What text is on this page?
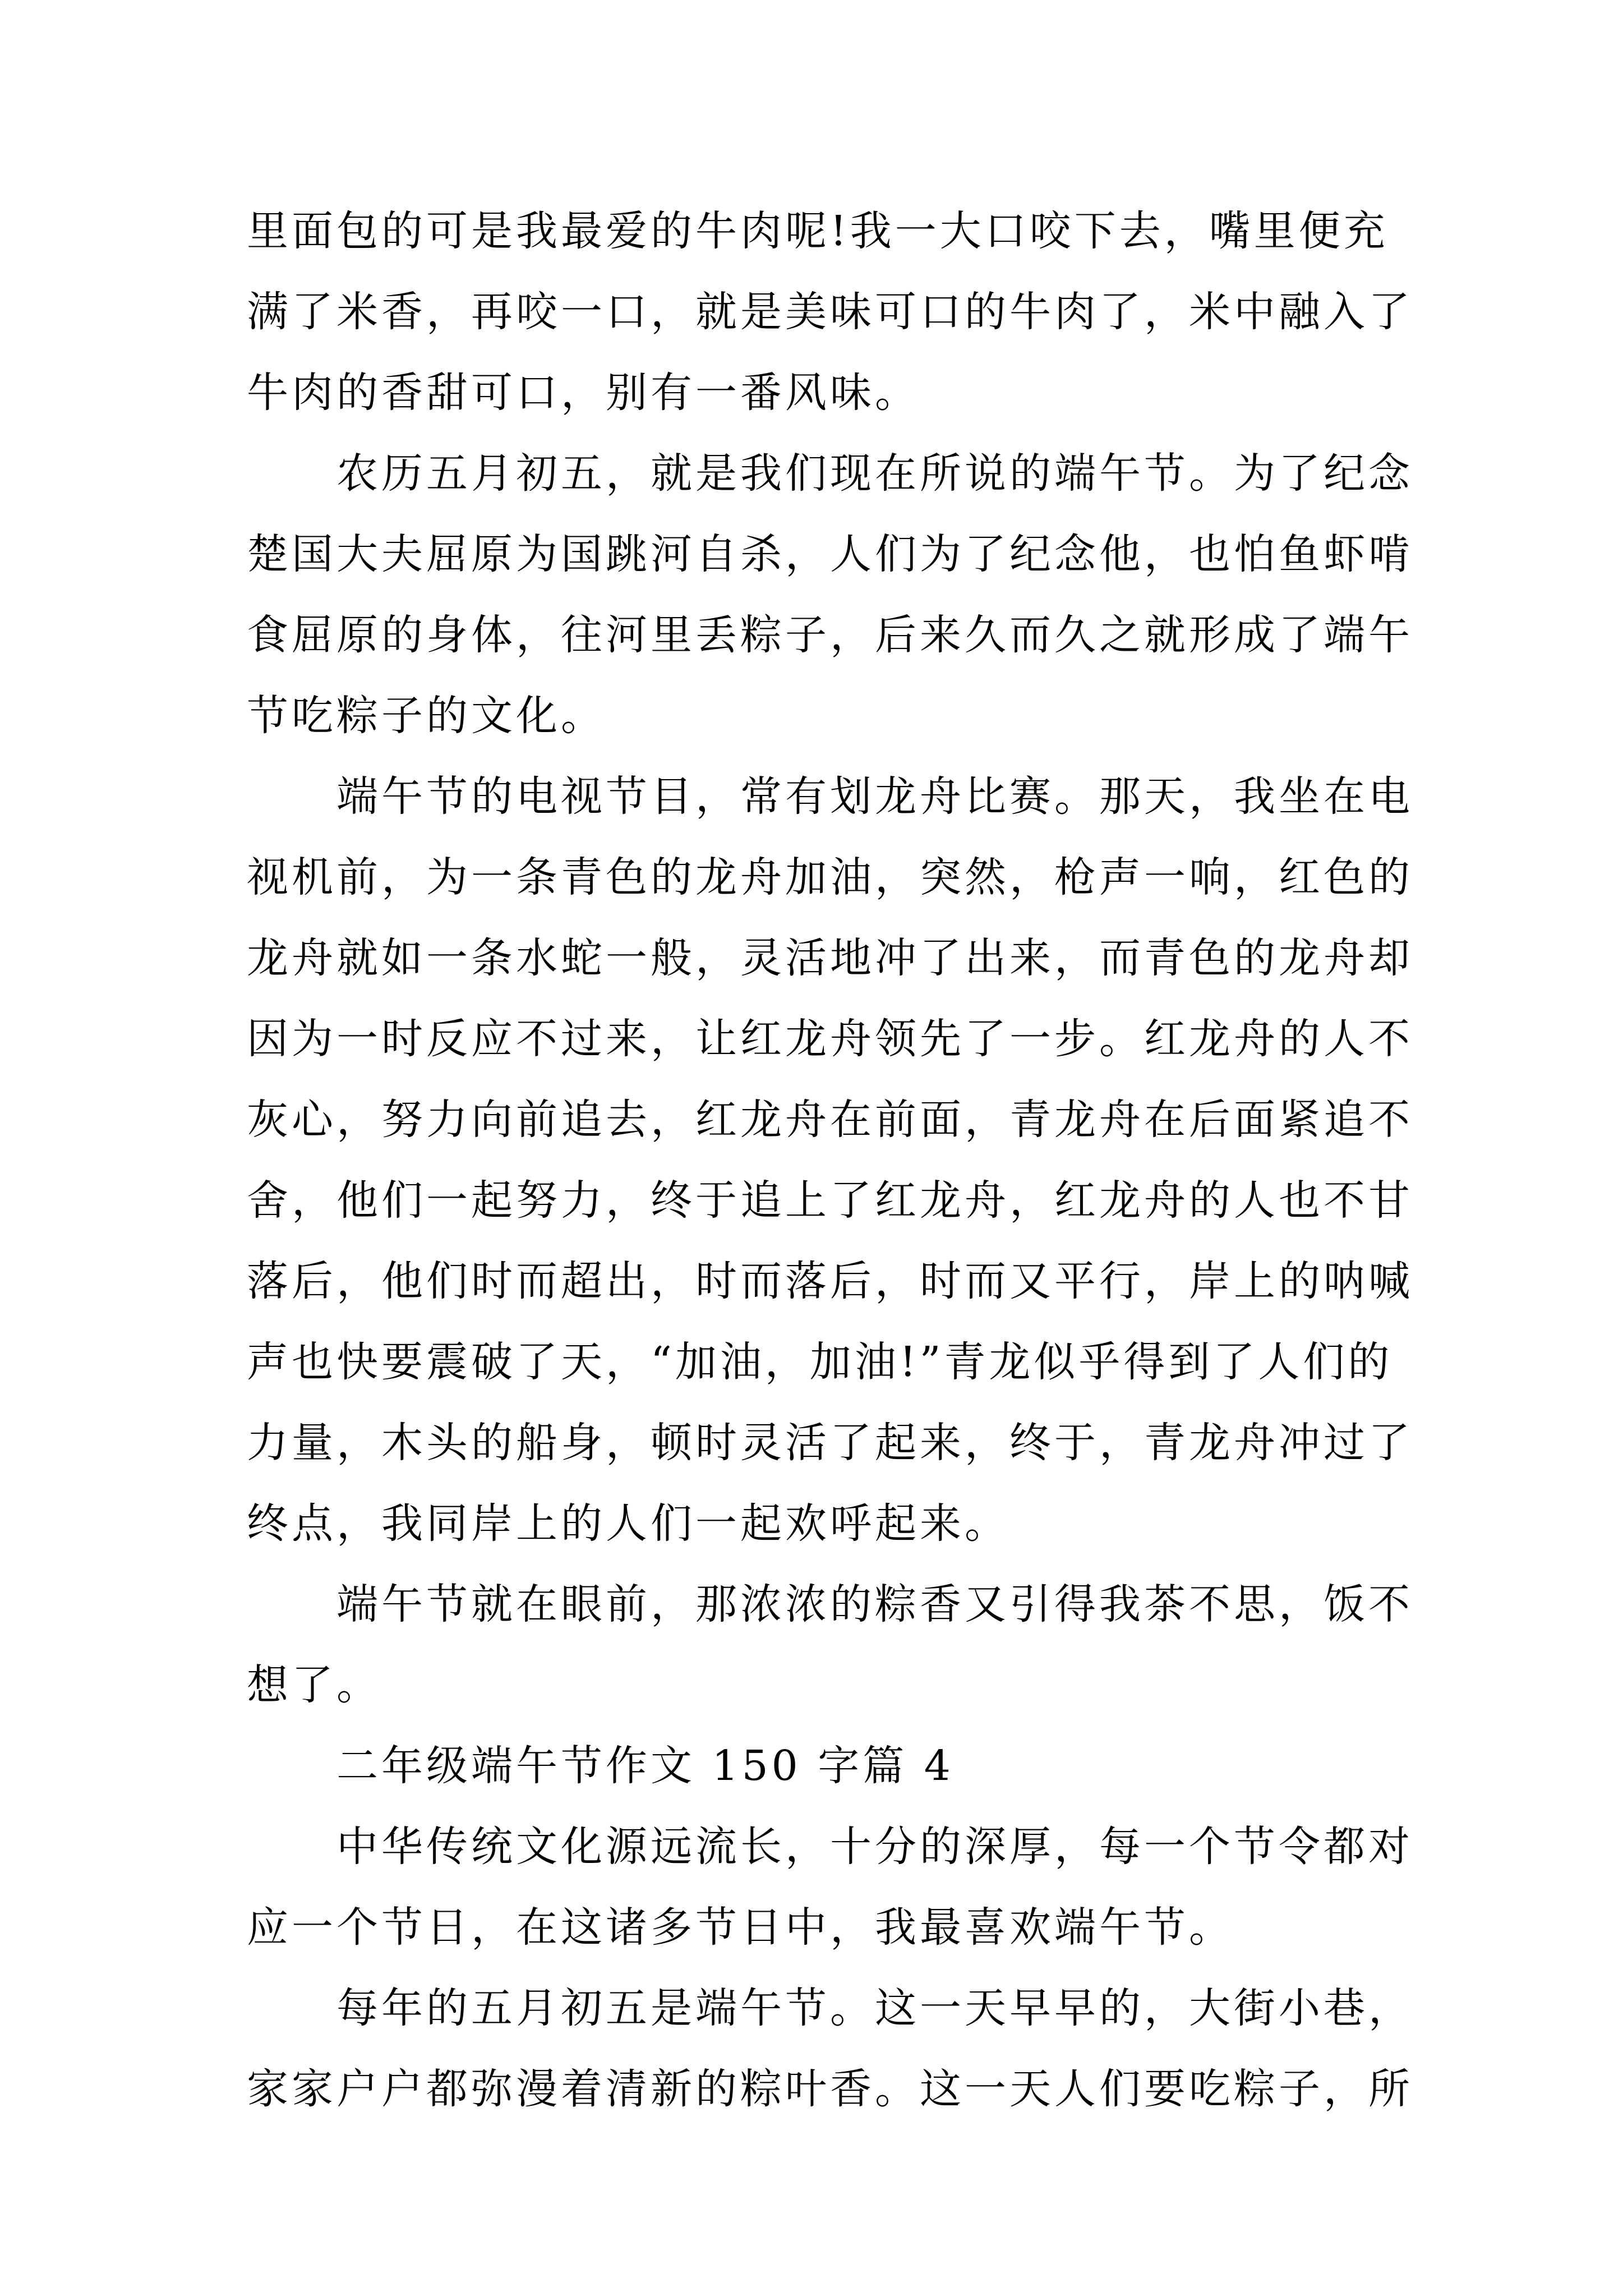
里面包的可是我最爱的牛肉呢!我一大口咬下去，嘴里便充

满了米香，再咬一口，就是美味可口的牛肉了，米中融入了

牛肉的香甜可口，别有一番风味。

农历五月初五，就是我们现在所说的端午节。为了纪念

楚国大夫屈原为国跳河自杀，人们为了纪念他，也怕鱼虾啃

食屈原的身体，往河里丢粽子，后来久而久之就形成了端午

节吃粽子的文化。

端午节的电视节目，常有划龙舟比赛。那天，我坐在电

视机前，为一条青色的龙舟加油，突然，枪声一响，红色的

龙舟就如一条水蛇一般，灵活地冲了出来，而青色的龙舟却

因为一时反应不过来，让红龙舟领先了一步。红龙舟的人不

灰心，努力向前追去，红龙舟在前面，青龙舟在后面紧追不

舍，他们一起努力，终于追上了红龙舟，红龙舟的人也不甘

落后，他们时而超出，时而落后，时而又平行，岸上的呐喊

声也快要震破了天，“加油，加油!”青龙似乎得到了人们的

力量，木头的船身，顿时灵活了起来，终于，青龙舟冲过了

终点，我同岸上的人们一起欢呼起来。

端午节就在眼前，那浓浓的粽香又引得我茶不思，饭不

想了。

二年级端午节作文 150 字篇 4

中华传统文化源远流长，十分的深厚，每一个节令都对

应一个节日，在这诸多节日中，我最喜欢端午节。

每年的五月初五是端午节。这一天早早的，大街小巷，

家家户户都弥漫着清新的粽叶香。这一天人们要吃粽子，所
